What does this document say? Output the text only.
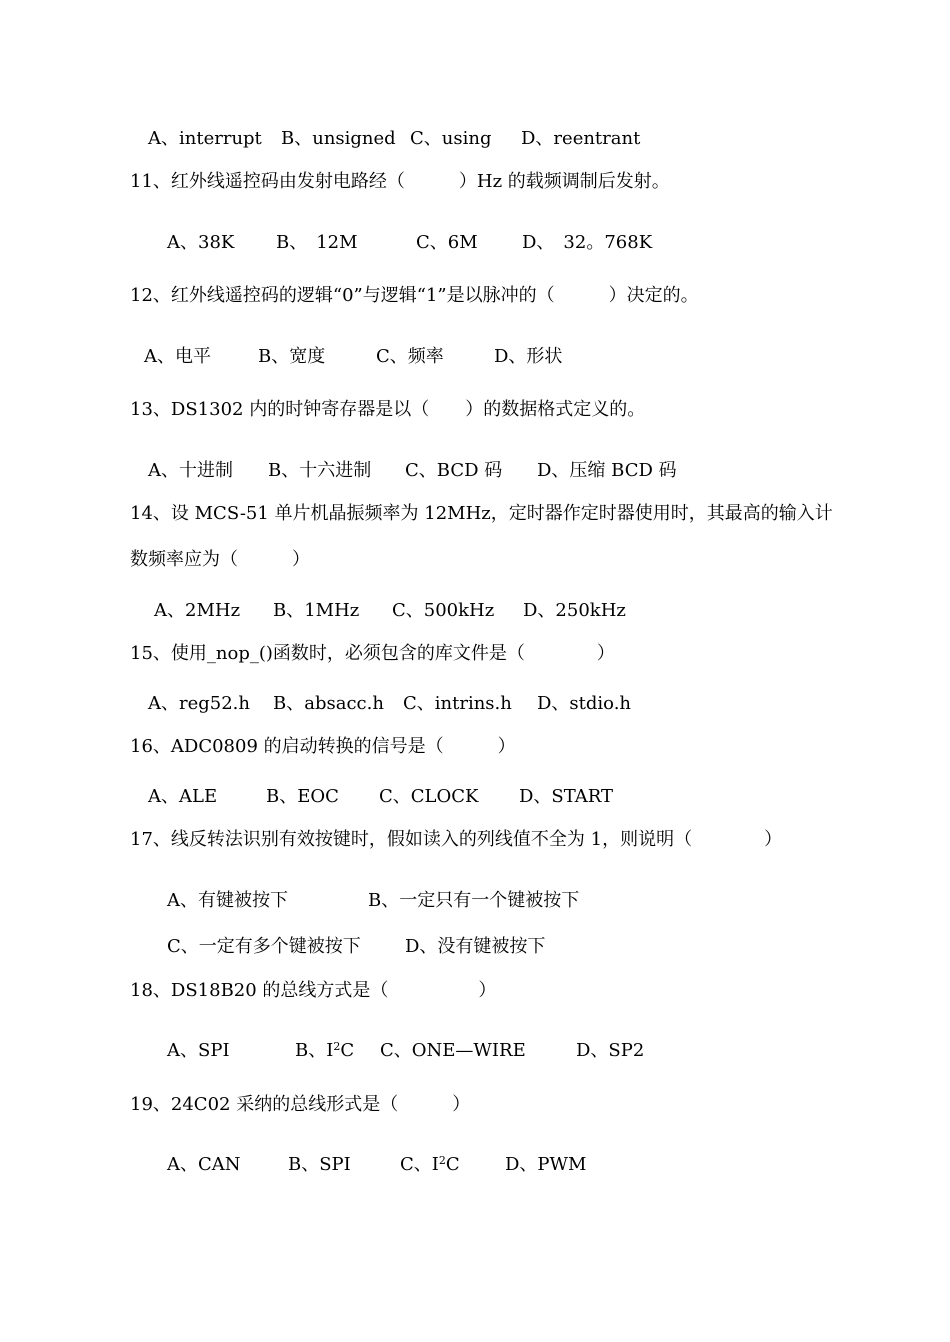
A、interrupt B、unsigned C、using D、reentrant
11、红外线遥控码由发射电路经（　　　）Hz 的载频调制后发射。
A、38K B、　12M	C、6M D、　32。768K
12、红外线遥控码的逻辑“0”与逻辑“1”是以脉冲的（　　　）决定的。
A、电平	B、宽度	C、频率	D、形状
13、DS1302 内的时钟寄存器是以（　　）的数据格式定义的。
A、十进制 B、十六进制 C、BCD 码 D、压缩 BCD 码
14、设 MCS-51 单片机晶振频率为 12MHz，定时器作定时器使用时，其最高的输入计
数频率应为（　　　）
A、2MHz B、1MHz C、500kHz D、250kHz
15、使用_nop_()函数时，必须包含的库文件是（　　　　）
A、reg52.h B、absacc.h C、intrins.h D、stdio.h
16、ADC0809 的启动转换的信号是（　　　）
A、ALE	B、EOC C、CLOCK D、START
17、线反转法识别有效按键时，假如读入的列线值不全为 1，则说明（　　　　）
A、有键被按下	B、一定只有一个键被按下
C、一定有多个键被按下 D、没有键被按下
18、DS18B20 的总线方式是（　　　　　）
A、SPI	B、$I^2C$ C、ONE—WIRE	D、SP2
19、24C02 采纳的总线形式是（　　　）
A、CAN	B、SPI	C、$I^2C$	D、PWM
